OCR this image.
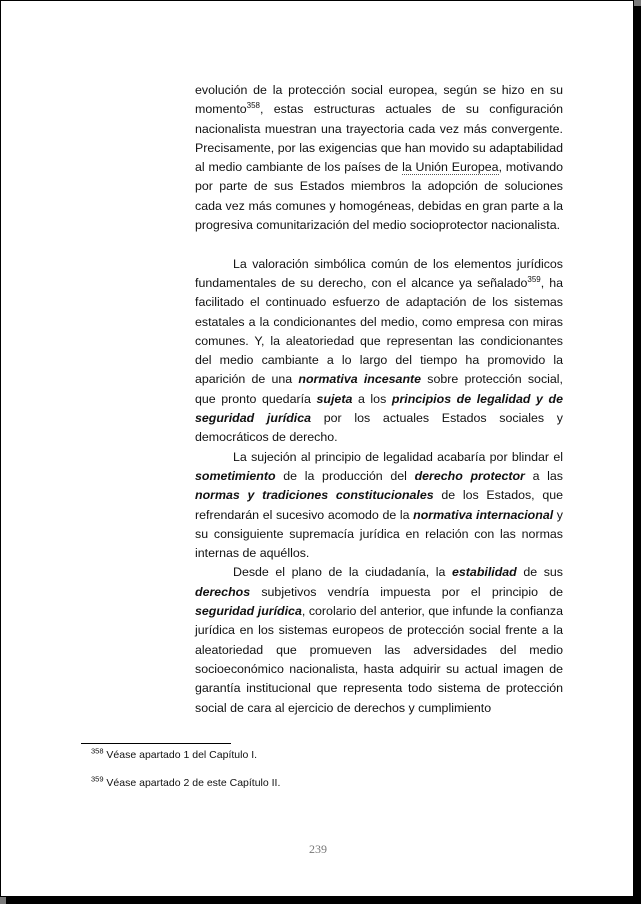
evolución de la protección social europea, según se hizo en su momento$^{358}$, estas estructuras actuales de su configuración nacionalista muestran una trayectoria cada vez más convergente. Precisamente, por las exigencias que han movido su adaptabilidad al medio cambiante de los países de la Unión Europea, motivando por parte de sus Estados miembros la adopción de soluciones cada vez más comunes y homogéneas, debidas en gran parte a la progresiva comunitarización del medio socioprotector nacionalista.

La valoración simbólica común de los elementos jurídicos fundamentales de su derecho, con el alcance ya señalado$^{359}$, ha facilitado el continuado esfuerzo de adaptación de los sistemas estatales a la condicionantes del medio, como empresa con miras comunes. Y, la aleatoriedad que representan las condicionantes del medio cambiante a lo largo del tiempo ha promovido la aparición de una normativa incesante sobre protección social, que pronto quedaría sujeta a los principios de legalidad y de seguridad jurídica por los actuales Estados sociales y democráticos de derecho.

La sujeción al principio de legalidad acabaría por blindar el sometimiento de la producción del derecho protector a las normas y tradiciones constitucionales de los Estados, que refrendarán el sucesivo acomodo de la normativa internacional y su consiguiente supremacía jurídica en relación con las normas internas de aquéllos.

Desde el plano de la ciudadanía, la estabilidad de sus derechos subjetivos vendría impuesta por el principio de seguridad jurídica, corolario del anterior, que infunde la confianza jurídica en los sistemas europeos de protección social frente a la aleatoriedad que promueven las adversidades del medio socioeconómico nacionalista, hasta adquirir su actual imagen de garantía institucional que representa todo sistema de protección social de cara al ejercicio de derechos y cumplimiento

$^{358}$ Véase apartado 1 del Capítulo I.
$^{359}$ Véase apartado 2 de este Capítulo II.
239
